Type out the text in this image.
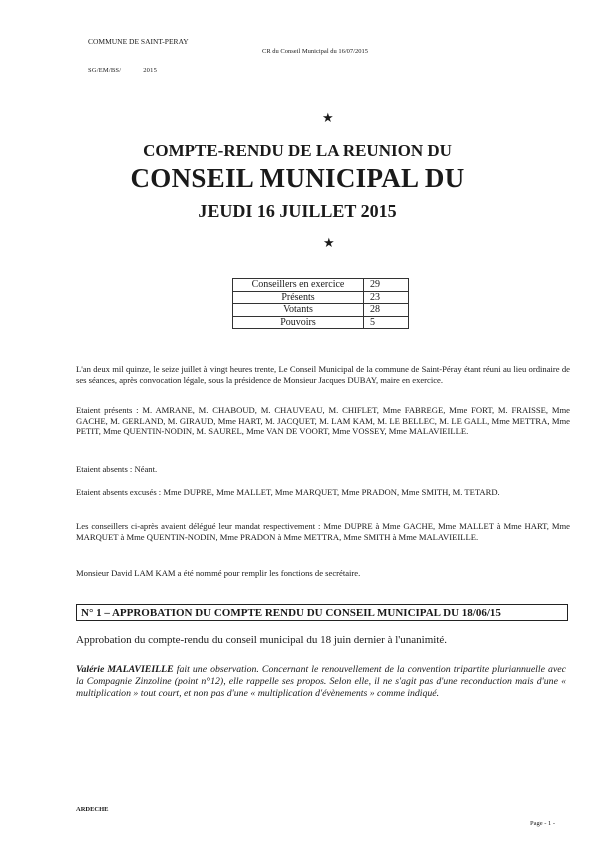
COMMUNE DE SAINT-PERAY
CR du Conseil Municipal du 16/07/2015
SG/EM/BS/	2015
★
COMPTE-RENDU DE LA REUNION DU
CONSEIL MUNICIPAL DU
JEUDI 16 JUILLET 2015
★
Conseillers en exercice	29
Présents	23
Votants	28
Pouvoirs	5
L'an deux mil quinze, le seize juillet à vingt heures trente, Le Conseil Municipal de la commune de Saint-Péray étant réuni au lieu ordinaire de ses séances, après convocation légale, sous la présidence de Monsieur Jacques DUBAY, maire en exercice.
Etaient présents : M. AMRANE, M. CHABOUD, M. CHAUVEAU, M. CHIFLET, Mme FABREGE, Mme FORT, M. FRAISSE, Mme GACHE, M. GERLAND, M. GIRAUD, Mme HART, M. JACQUET, M. LAM KAM, M. LE BELLEC, M. LE GALL, Mme METTRA, Mme PETIT, Mme QUENTIN-NODIN, M. SAUREL, Mme VAN DE VOORT, Mme VOSSEY, Mme MALAVIEILLE.
Etaient absents : Néant.
Etaient absents excusés : Mme DUPRE, Mme MALLET, Mme MARQUET, Mme PRADON, Mme SMITH, M. TETARD.
Les conseillers ci-après avaient délégué leur mandat respectivement : Mme DUPRE à Mme GACHE, Mme MALLET à Mme HART, Mme MARQUET à Mme QUENTIN-NODIN, Mme PRADON à Mme METTRA, Mme SMITH à Mme MALAVIEILLE.
Monsieur David LAM KAM a été nommé pour remplir les fonctions de secrétaire.
N° 1 – APPROBATION DU COMPTE RENDU DU CONSEIL MUNICIPAL DU 18/06/15
Approbation du compte-rendu du conseil municipal du 18 juin dernier à l'unanimité.
Valérie MALAVIEILLE fait une observation. Concernant le renouvellement de la convention tripartite pluriannuelle avec la Compagnie Zinzoline (point n°12), elle rappelle ses propos. Selon elle, il ne s'agit pas d'une reconduction mais d'une « multiplication » tout court, et non pas d'une « multiplication d'évènements » comme indiqué.
ARDECHE
Page - 1 -
